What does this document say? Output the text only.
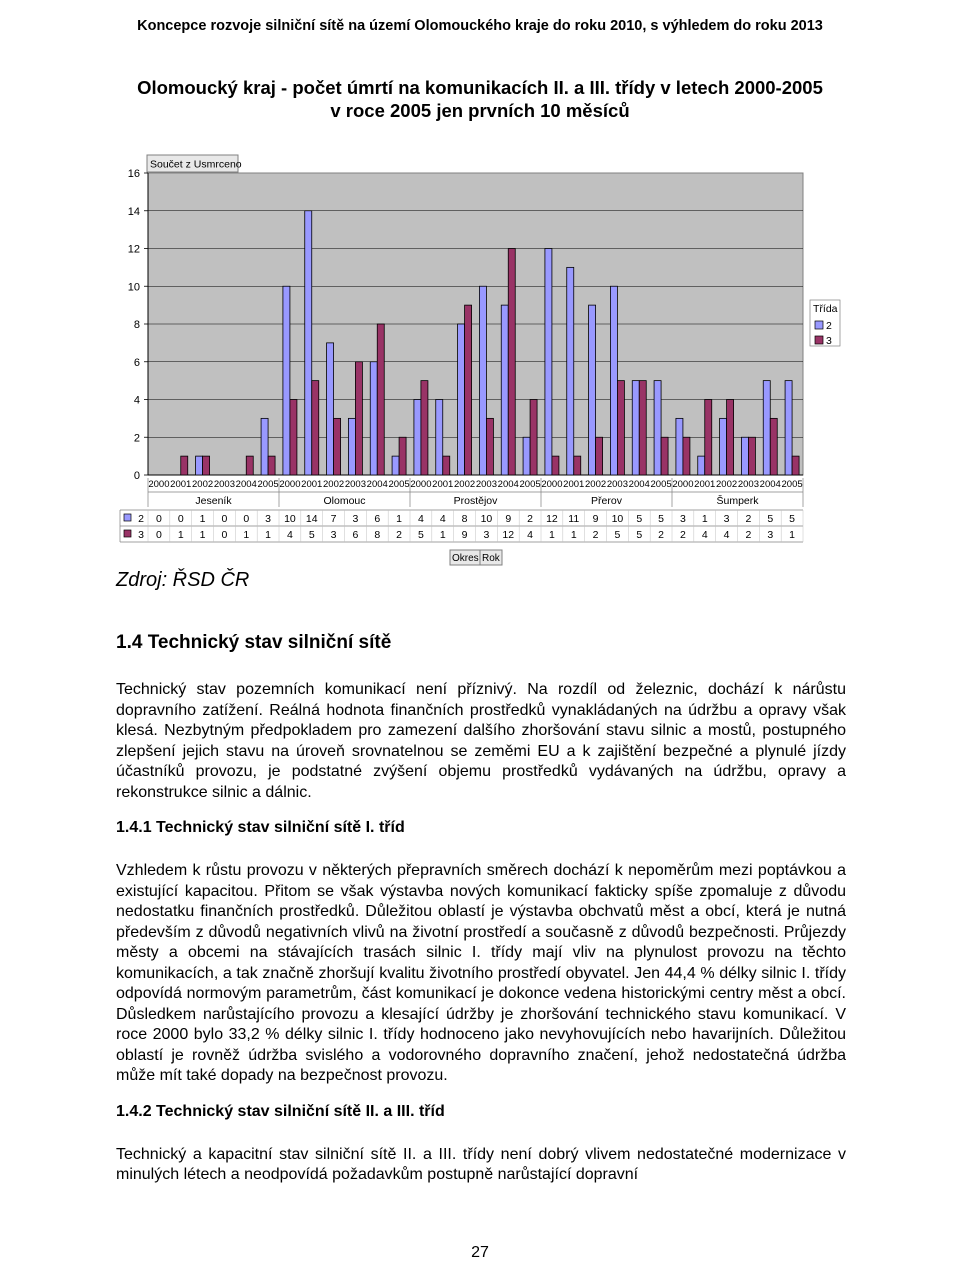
Koncepce rozvoje silniční sítě na území Olomouckého kraje do roku 2010, s výhledem do roku 2013
Olomoucký kraj - počet úmrtí na komunikacích II. a III. třídy v letech 2000-2005
v roce 2005 jen prvních 10 měsíců
0
2
4
6
8
10
12
14
16
Součet z Usmrceno
2000 2001 2002 2003 2004 2005 2000 2001 2002 2003 2004 2005 2000 2001 2002 2003 2004 2005 2000 2001 2002 2003 2004 2005 2000 2001 2002 2003 2004 2005
Jeseník	Olomouc	Prostějov	Přerov	Šumperk
2 0 0 1 0 0 3 10 14 7 3 6 1 4 4 8 10 9 2 12 11 9 10 5 5 3 1 3 2 5 5
3 0 1 1 0 1 1 4 5 3 6 8 2 5 1 9 3 12 4 1 1 2 5 5 2 2 4 4 2 3 1
Třída
2
3
Okres Rok
Zdroj: ŘSD ČR
1.4 Technický stav silniční sítě
Technický stav pozemních komunikací není příznivý. Na rozdíl od železnic, dochází k nárůstu dopravního zatížení. Reálná hodnota finančních prostředků vynakládaných na údržbu a opravy však klesá. Nezbytným předpokladem pro zamezení dalšího zhoršování stavu silnic a mostů, postupného zlepšení jejich stavu na úroveň srovnatelnou se zeměmi EU a k zajištění bezpečné a plynulé jízdy účastníků provozu, je podstatné zvýšení objemu prostředků vydávaných na údržbu, opravy a rekonstrukce silnic a dálnic.
1.4.1 Technický stav silniční sítě I. tříd
Vzhledem k růstu provozu v některých přepravních směrech dochází k nepoměrům mezi poptávkou a existující kapacitou. Přitom se však výstavba nových komunikací fakticky spíše zpomaluje z důvodu nedostatku finančních prostředků. Důležitou oblastí je výstavba obchvatů měst a obcí, která je nutná především z důvodů negativních vlivů na životní prostředí a současně z důvodů bezpečnosti. Průjezdy městy a obcemi na stávajících trasách silnic I. třídy mají vliv na plynulost provozu na těchto komunikacích, a tak značně zhoršují kvalitu životního prostředí obyvatel. Jen 44,4 % délky silnic I. třídy odpovídá normovým parametrům, část komunikací je dokonce vedena historickými centry měst a obcí. Důsledkem narůstajícího provozu a klesající údržby je zhoršování technického stavu komunikací. V roce 2000 bylo 33,2 % délky silnic I. třídy hodnoceno jako nevyhovujících nebo havarijních. Důležitou oblastí je rovněž údržba svislého a vodorovného dopravního značení, jehož nedostatečná údržba může mít také dopady na bezpečnost provozu.
1.4.2 Technický stav silniční sítě II. a III. tříd
Technický a kapacitní stav silniční sítě II. a III. třídy není dobrý vlivem nedostatečné modernizace v minulých létech a neodpovídá požadavkům postupně narůstající dopravní
27
